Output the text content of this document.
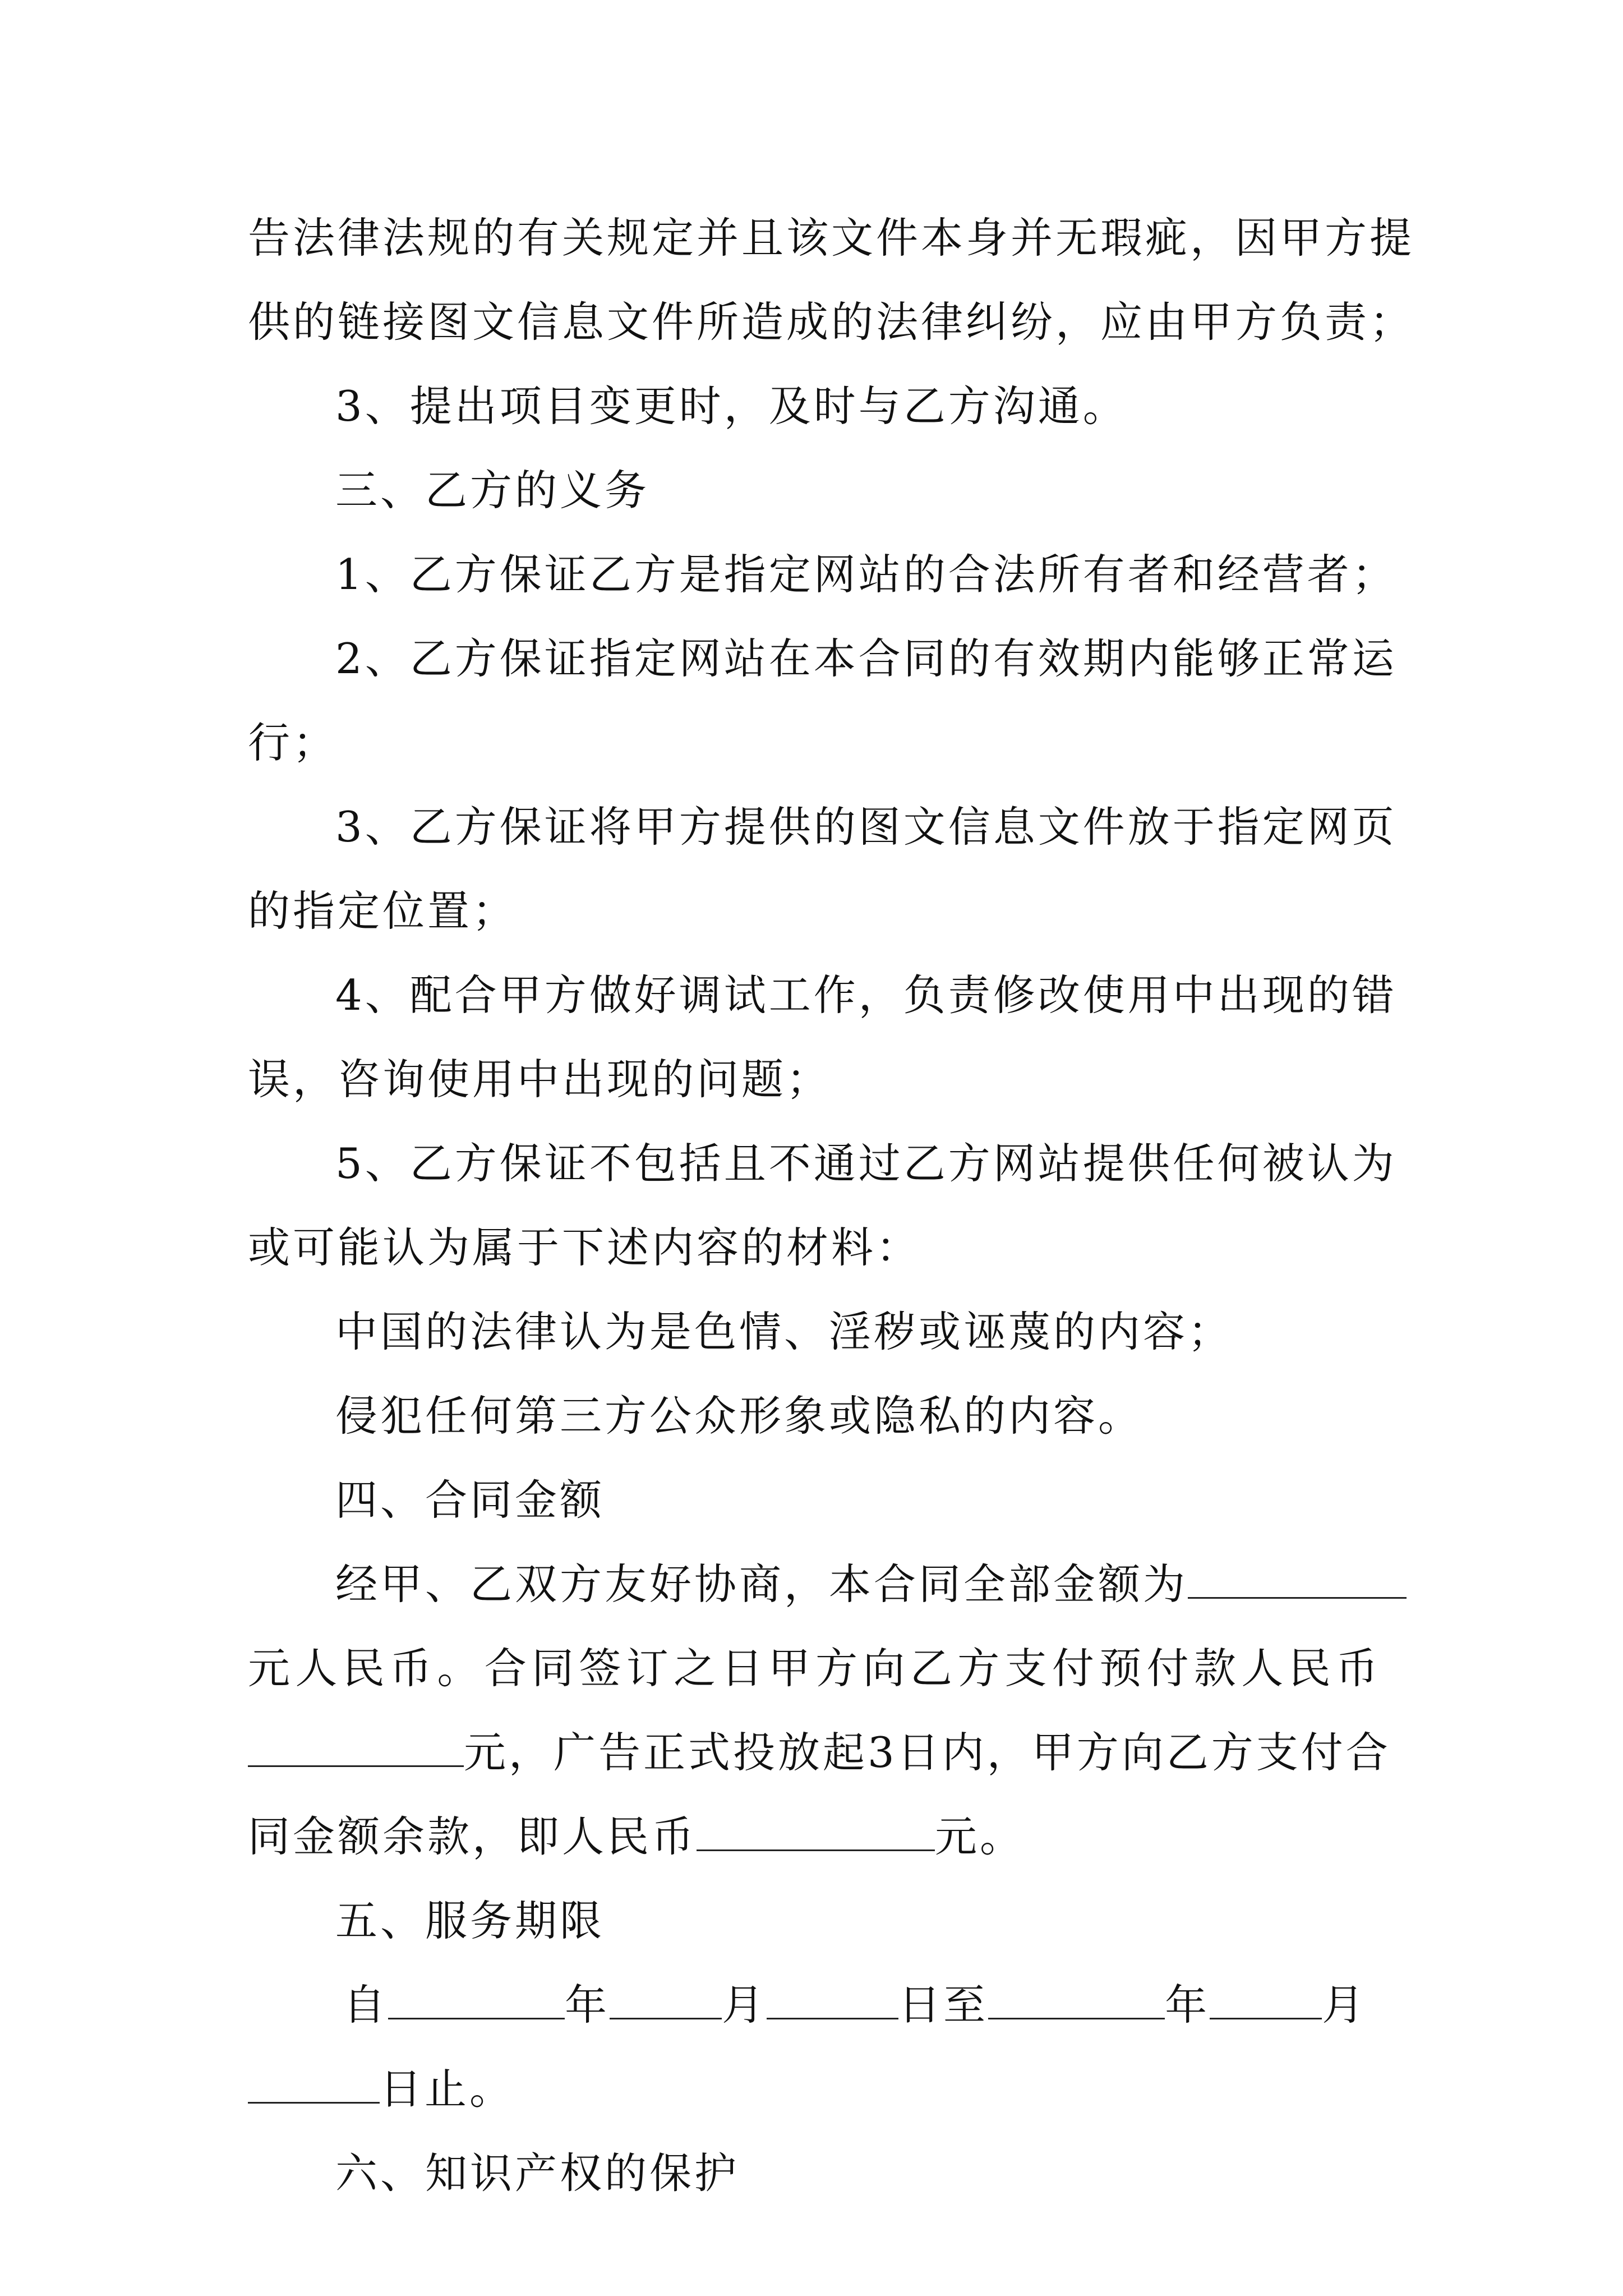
告法律法规的有关规定并且该文件本身并无瑕疵，因甲方提
供的链接图文信息文件所造成的法律纠纷，应由甲方负责；
3、提出项目变更时，及时与乙方沟通。
三、乙方的义务
1、乙方保证乙方是指定网站的合法所有者和经营者；
2、乙方保证指定网站在本合同的有效期内能够正常运
行；
3、乙方保证将甲方提供的图文信息文件放于指定网页
的指定位置；
4、配合甲方做好调试工作，负责修改使用中出现的错
误，咨询使用中出现的问题；
5、乙方保证不包括且不通过乙方网站提供任何被认为
或可能认为属于下述内容的材料：
中国的法律认为是色情、淫秽或诬蔑的内容；
侵犯任何第三方公众形象或隐私的内容。
四、合同金额
经甲、乙双方友好协商，本合同全部金额为
元人民币。合同签订之日甲方向乙方支付预付款人民币
元，广告正式投放起3日内，甲方向乙方支付合
同金额余款，即人民币	元。
五、服务期限
自	年	月	日至	年	月
日止。
六、知识产权的保护
